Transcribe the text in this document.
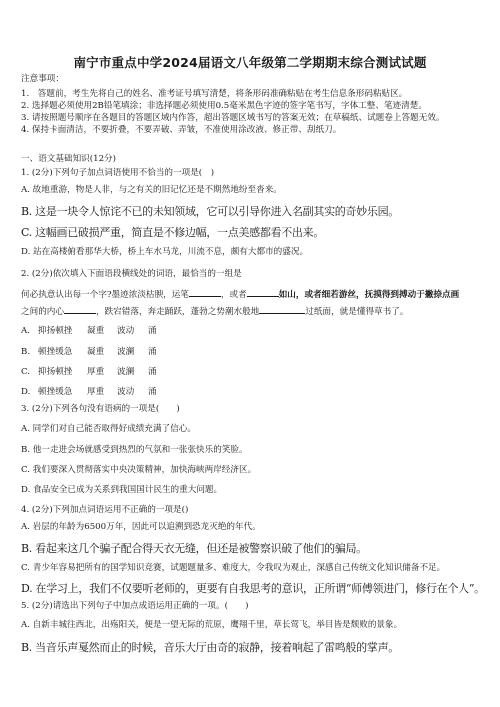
南宁市重点中学2024届语文八年级第二学期期末综合测试试题
注意事项：
1.　答题前，考生先将自己的姓名、准考证号填写清楚，将条形码准确粘贴在考生信息条形码粘贴区。
2. 选择题必须使用2B铅笔填涂；非选择题必须使用0.5毫米黑色字迹的签字笔书写，字体工整、笔迹清楚。
3. 请按照题号顺序在各题目的答题区域内作答，超出答题区域书写的答案无效；在草稿纸、试题卷上答题无效。
4. 保持卡面清洁，不要折叠，不要弄破、弄皱，不准使用涂改液、修正带、刮纸刀。
一、语文基础知识(12分)
1. (2分)下列句子加点词语使用不恰当的一项是(　)
A. 故地重游，物是人非，与之有关的旧记忆还是不期然地纷至沓来。
B. 这是一块令人惊诧不已的未知领域，它可以引导你进入名副其实的奇妙乐园。
C. 这幅画已破损严重，简直是不修边幅，一点美感都看不出来。
D. 站在高楼俯看那华大桥，桥上车水马龙，川流不息，颇有大都市的盛况。
2. (2分)依次填入下面语段横线处的词语，最恰当的一组是
何必执意认出每一个字?墨迹浓淡枯腴，运笔	，或者	如山，或者细若游丝，抚摸得到搏动于撇捺点画
之间的内心	，跌宕错落，奔走踊跃，蓬勃之势潮水般地	过纸面，就是懂得草书了。
A. 抑扬顿挫 凝重 波动 涌
B. 顿挫缓急 凝重 波澜 涌
C. 抑扬顿挫 厚重 波澜 涌
D. 顿挫缓急 厚重 波动 涌
3. (2分)下列各句没有语病的一项是(　　)
A. 同学们对自己能否取得好成绩充满了信心。
B. 他一走进会场就感受到热烈的气氛和一张张快乐的笑脸。
C. 我们要深入贯彻落实中央决策精神，加快海峡两岸经济区。
D. 食品安全已成为关系到我国国计民生的重大问题。
4. (2分)下列加点词语运用不正确的一项是()
A. 岩层的年龄为6500万年，因此可以追溯到恐龙灭绝的年代。
B. 看起来这几个骗子配合得天衣无缝，但还是被警察识破了他们的骗局。
C. 青少年容易把所有的国学知识竞赛，试题题量多、难度大，令我叹为观止，深感自己传统文化知识储备不足。
D. 在学习上，我们不仅要听老师的，更要有自我思考的意识，正所谓“师傅领进门，修行在个人”。
5. (2分)请选出下列句子中加点成语运用正确的一项。(　　)
A. 自新丰城往西北，出殇阳关，便是一望无际的荒原，鹰翔千里，草长莺飞，举目皆是颓败的景象。
B. 当音乐声戛然而止的时候，音乐大厅由奇的寂静，接着响起了雷鸣般的掌声。
